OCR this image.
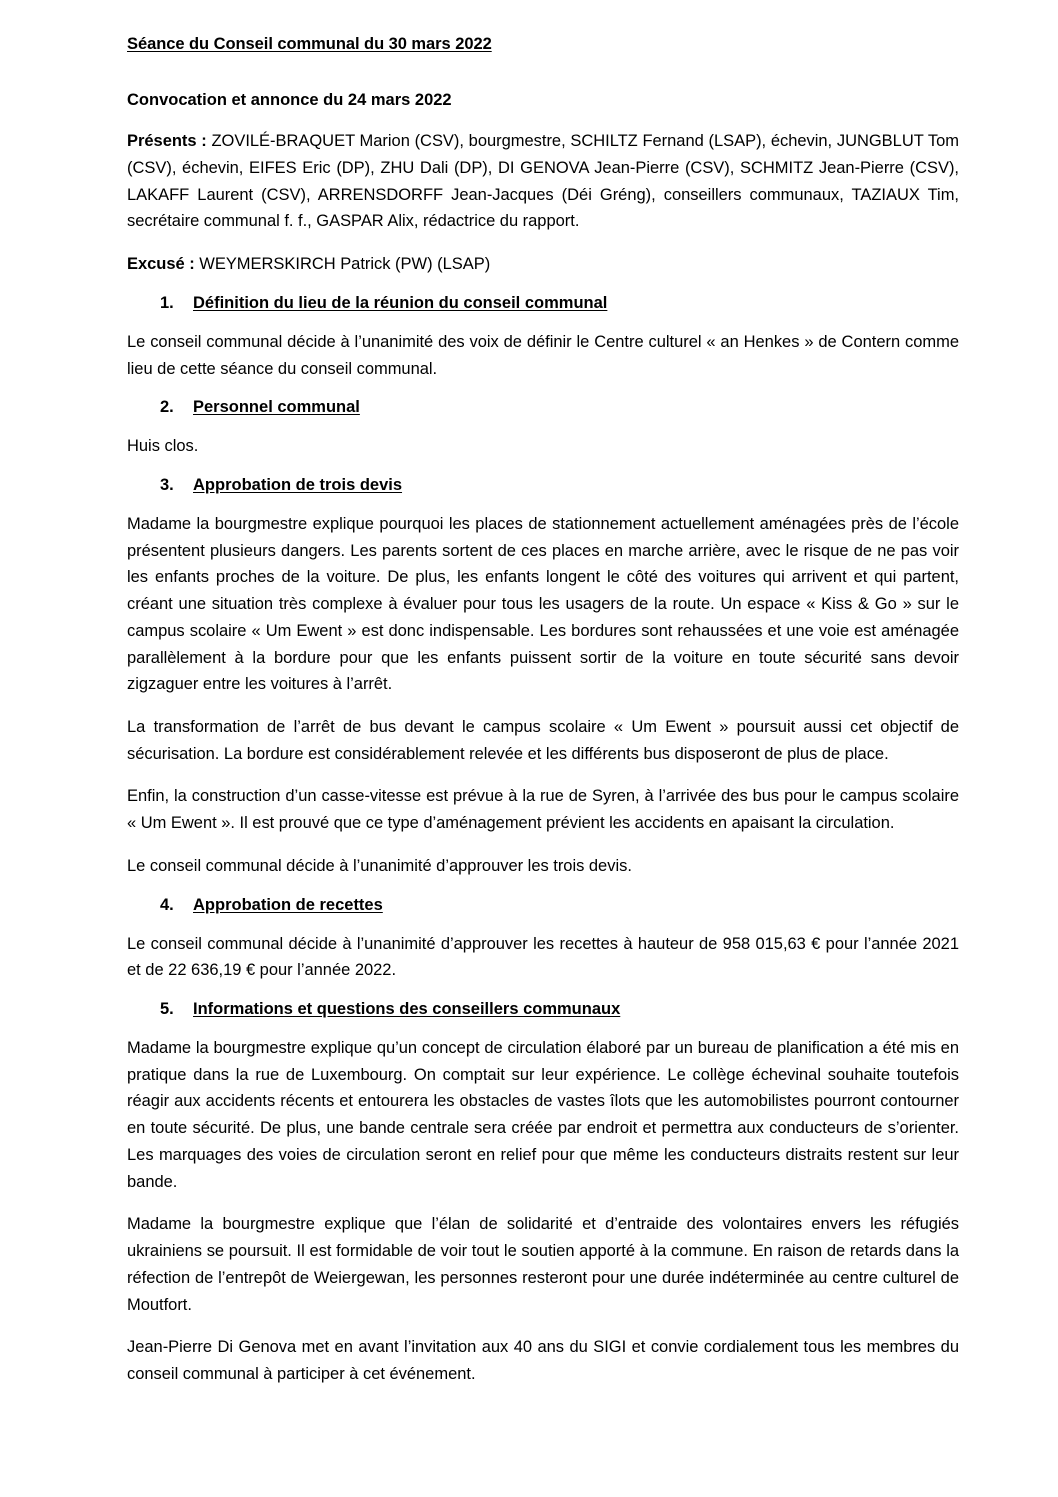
Séance du Conseil communal du 30 mars 2022
Convocation et annonce du 24 mars 2022

Présents : ZOVILÉ-BRAQUET Marion (CSV), bourgmestre, SCHILTZ Fernand (LSAP), échevin, JUNGBLUT Tom (CSV), échevin, EIFES Eric (DP), ZHU Dali (DP), DI GENOVA Jean-Pierre (CSV), SCHMITZ Jean-Pierre (CSV), LAKAFF Laurent (CSV), ARRENSDORFF Jean-Jacques (Déi Gréng), conseillers communaux, TAZIAUX Tim, secrétaire communal f. f., GASPAR Alix, rédactrice du rapport.

Excusé : WEYMERSKIRCH Patrick (PW) (LSAP)

1.	Définition du lieu de la réunion du conseil communal

Le conseil communal décide à l’unanimité des voix de définir le Centre culturel « an Henkes » de Contern comme lieu de cette séance du conseil communal.

2.	Personnel communal

Huis clos.

3.	Approbation de trois devis

Madame la bourgmestre explique pourquoi les places de stationnement actuellement aménagées près de l’école présentent plusieurs dangers. Les parents sortent de ces places en marche arrière, avec le risque de ne pas voir les enfants proches de la voiture. De plus, les enfants longent le côté des voitures qui arrivent et qui partent, créant une situation très complexe à évaluer pour tous les usagers de la route. Un espace « Kiss & Go » sur le campus scolaire « Um Ewent » est donc indispensable. Les bordures sont rehaussées et une voie est aménagée parallèlement à la bordure pour que les enfants puissent sortir de la voiture en toute sécurité sans devoir zigzaguer entre les voitures à l’arrêt.

La transformation de l’arrêt de bus devant le campus scolaire « Um Ewent » poursuit aussi cet objectif de sécurisation. La bordure est considérablement relevée et les différents bus disposeront de plus de place.

Enfin, la construction d’un casse-vitesse est prévue à la rue de Syren, à l’arrivée des bus pour le campus scolaire « Um Ewent ». Il est prouvé que ce type d’aménagement prévient les accidents en apaisant la circulation.

Le conseil communal décide à l’unanimité d’approuver les trois devis.

4.	Approbation de recettes

Le conseil communal décide à l’unanimité d’approuver les recettes à hauteur de 958 015,63 € pour l’année 2021 et de 22 636,19 € pour l’année 2022.

5.	Informations et questions des conseillers communaux

Madame la bourgmestre explique qu’un concept de circulation élaboré par un bureau de planification a été mis en pratique dans la rue de Luxembourg. On comptait sur leur expérience. Le collège échevinal souhaite toutefois réagir aux accidents récents et entourera les obstacles de vastes îlots que les automobilistes pourront contourner en toute sécurité. De plus, une bande centrale sera créée par endroit et permettra aux conducteurs de s’orienter. Les marquages des voies de circulation seront en relief pour que même les conducteurs distraits restent sur leur bande.

Madame la bourgmestre explique que l’élan de solidarité et d’entraide des volontaires envers les réfugiés ukrainiens se poursuit. Il est formidable de voir tout le soutien apporté à la commune. En raison de retards dans la réfection de l’entrepôt de Weiergewan, les personnes resteront pour une durée indéterminée au centre culturel de Moutfort.

Jean-Pierre Di Genova met en avant l’invitation aux 40 ans du SIGI et convie cordialement tous les membres du conseil communal à participer à cet événement.
